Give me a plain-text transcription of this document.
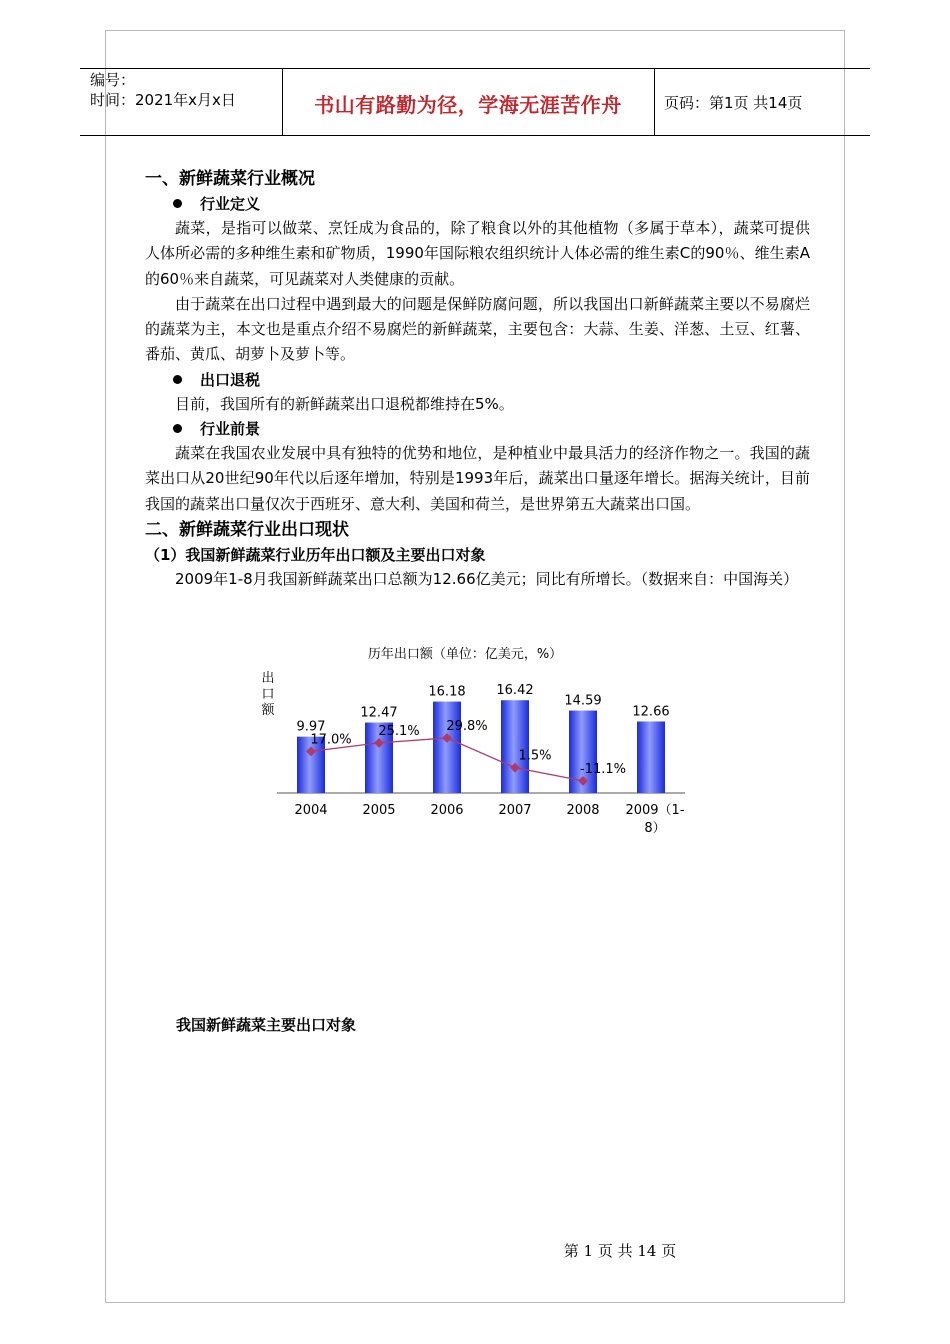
编号：
时间：2021年x月x日	书山有路勤为径，学海无涯苦作舟	页码：第1页 共14页
一、新鲜蔬菜行业概况
行业定义

蔬菜，是指可以做菜、烹饪成为食品的，除了粮食以外的其他植物（多属于草本），蔬菜可提供人体所必需的多种维生素和矿物质，1990年国际粮农组织统计人体必需的维生素C的90％、维生素A的60％来自蔬菜，可见蔬菜对人类健康的贡献。

由于蔬菜在出口过程中遇到最大的问题是保鲜防腐问题，所以我国出口新鲜蔬菜主要以不易腐烂的蔬菜为主，本文也是重点介绍不易腐烂的新鲜蔬菜，主要包含：大蒜、生姜、洋葱、土豆、红薯、番茄、黄瓜、胡萝卜及萝卜等。

出口退税

目前，我国所有的新鲜蔬菜出口退税都维持在5%。

行业前景

蔬菜在我国农业发展中具有独特的优势和地位，是种植业中最具活力的经济作物之一。我国的蔬菜出口从20世纪90年代以后逐年增加，特别是1993年后，蔬菜出口量逐年增长。据海关统计，目前我国的蔬菜出口量仅次于西班牙、意大利、美国和荷兰，是世界第五大蔬菜出口国。

二、新鲜蔬菜行业出口现状
（1）我国新鲜蔬菜行业历年出口额及主要出口对象

2009年1-8月我国新鲜蔬菜出口总额为12.66亿美元；同比有所增长。（数据来自：中国海关）

历年出口额（单位：亿美元，%）
出
口
额
9.97
12.47
16.18 16.42
14.59
12.66
2004	2005	2006	2007	2008 2009（1-
8）
17.0%
25.1% 29.8%
1.5%
-11.1%
我国新鲜蔬菜主要出口对象
第 1 页 共 14 页
